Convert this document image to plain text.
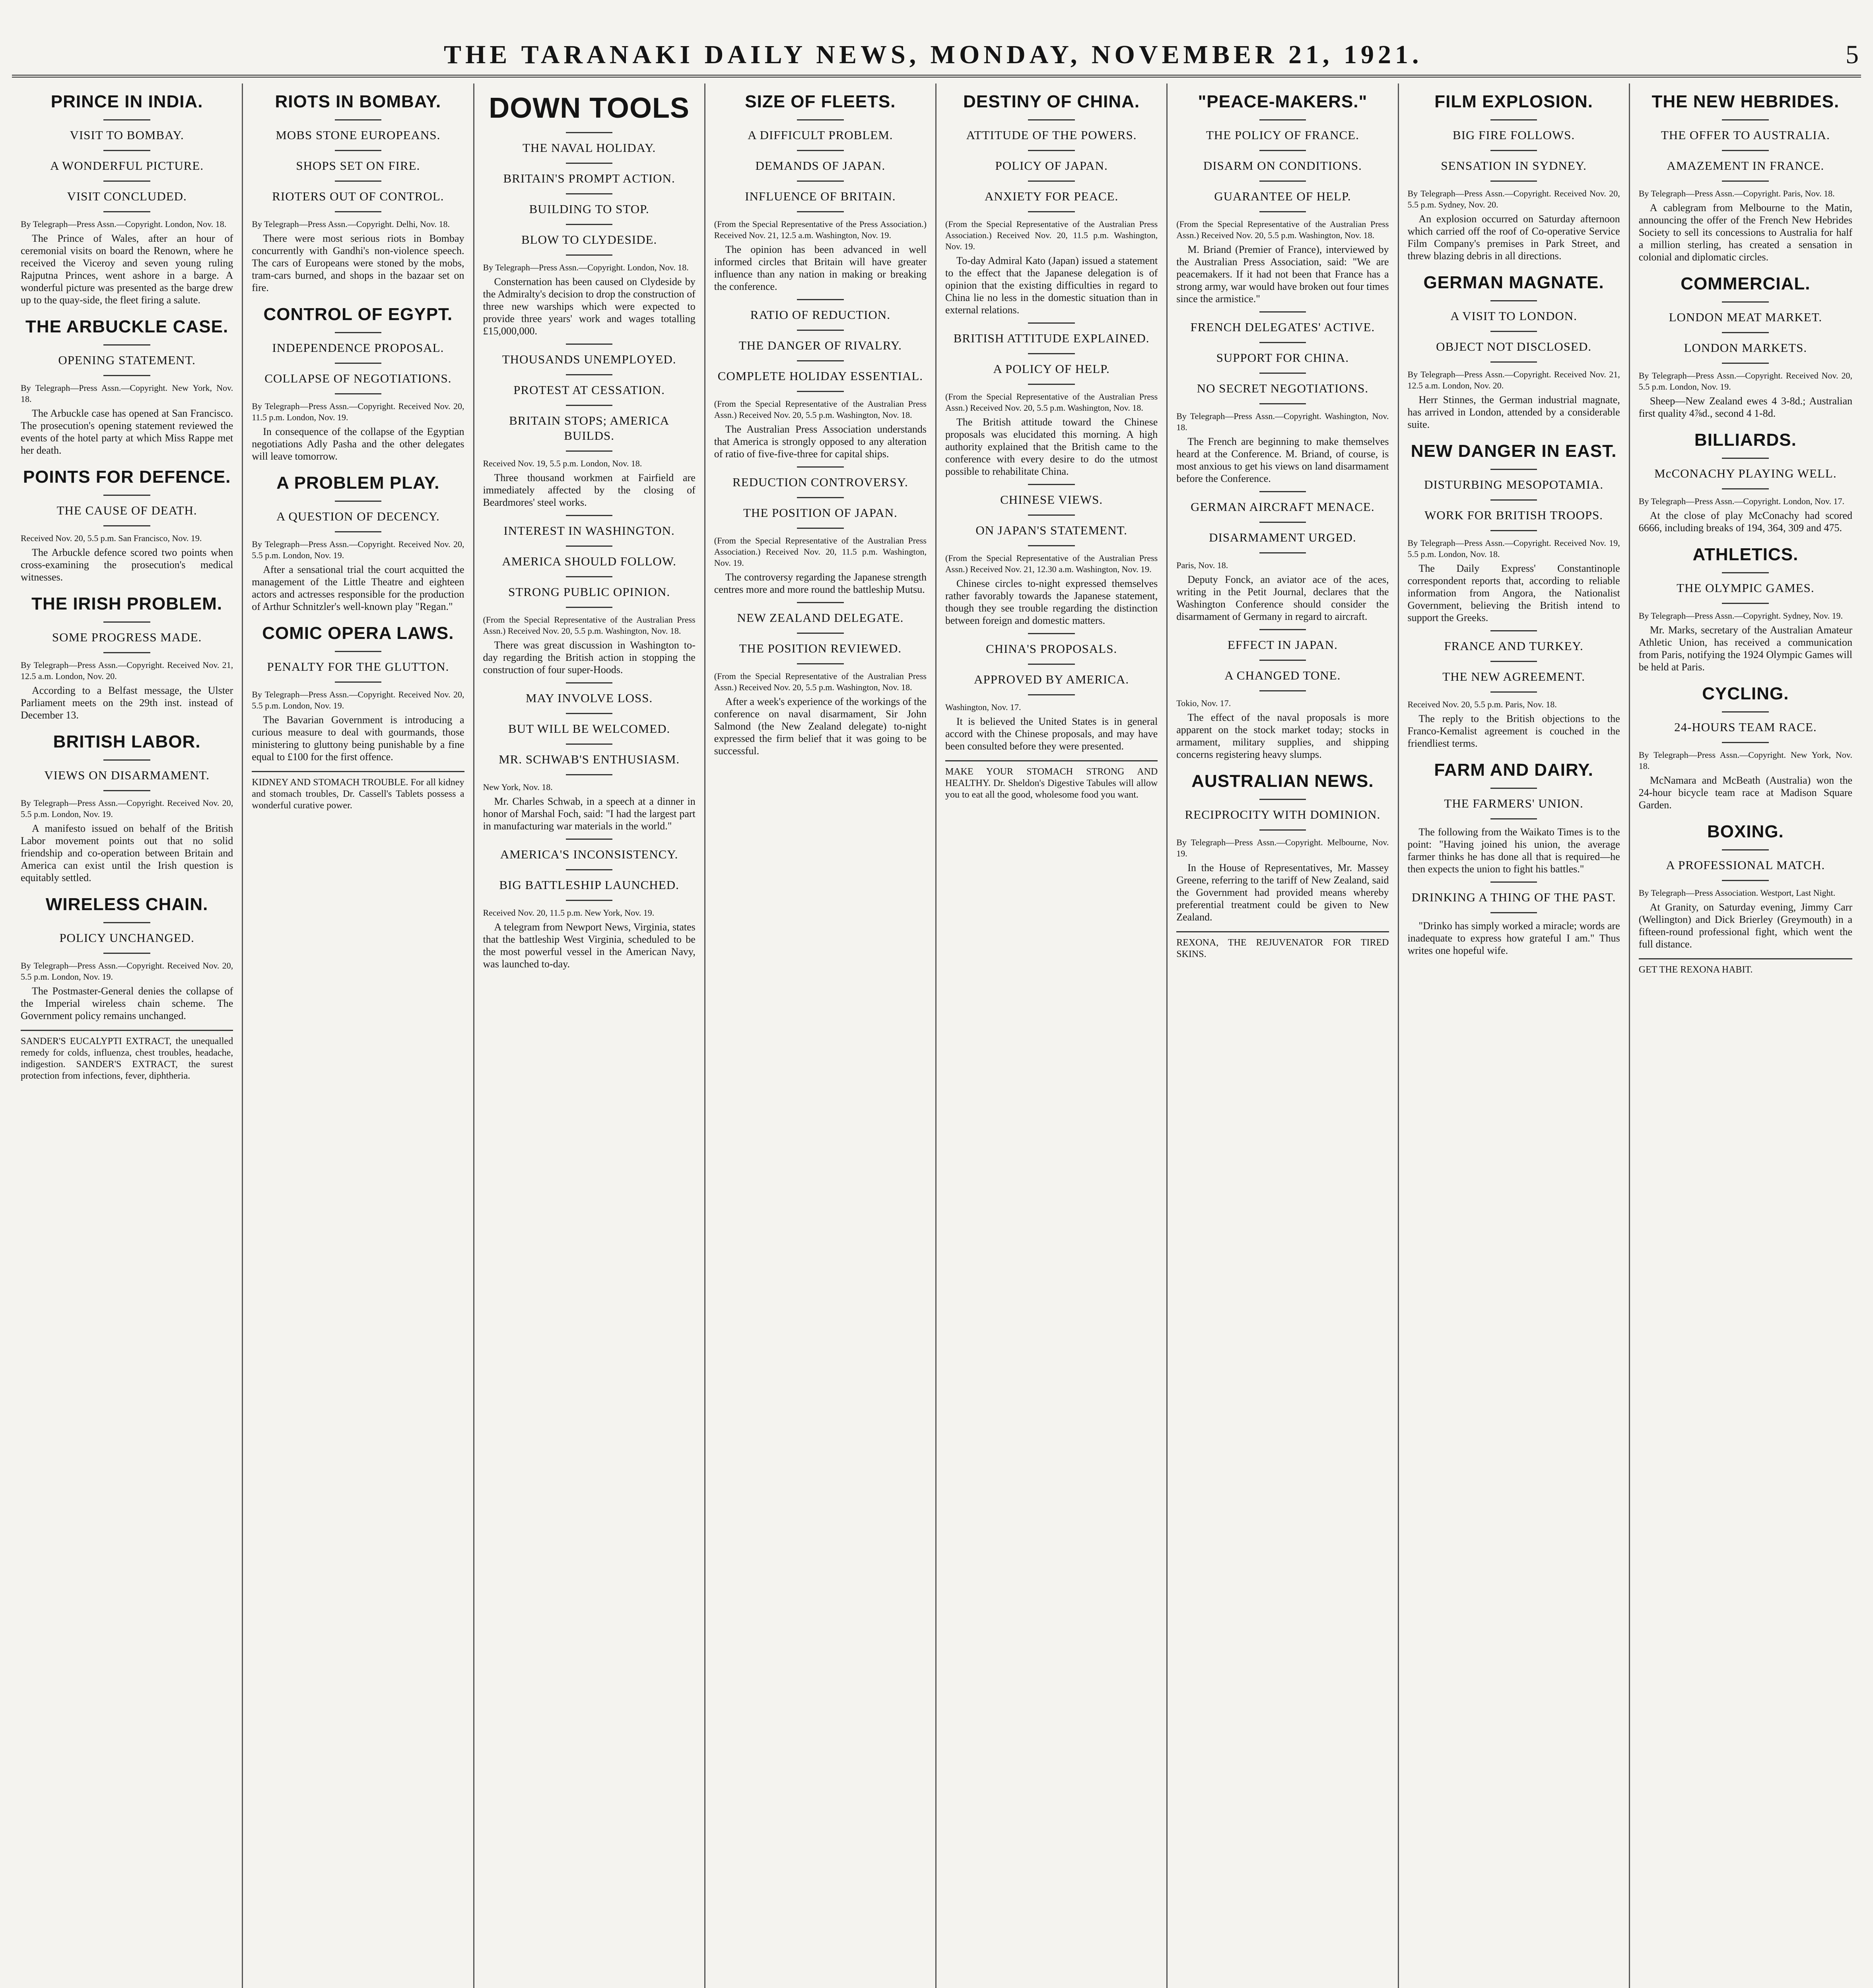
THE TARANAKI DAILY NEWS, MONDAY, NOVEMBER 21, 1921.	5
PRINCE IN INDIA.
VISIT TO BOMBAY.
A WONDERFUL PICTURE.
VISIT CONCLUDED.

By Telegraph—Press Assn.—Copyright. London, Nov. 18.

The Prince of Wales, after an hour of ceremonial visits on board the Renown, where he received the Viceroy and seven young ruling Rajputna Princes, went ashore in a barge. A wonderful picture was presented as the barge drew up to the quay-side, the fleet firing a salute.

THE ARBUCKLE CASE.
OPENING STATEMENT.

By Telegraph—Press Assn.—Copyright. New York, Nov. 18.

The Arbuckle case has opened at San Francisco. The prosecution's opening statement reviewed the events of the hotel party at which Miss Rappe met her death.

POINTS FOR DEFENCE.
THE CAUSE OF DEATH.

Received Nov. 20, 5.5 p.m. San Francisco, Nov. 19.

The Arbuckle defence scored two points when cross-examining the prosecution's medical witnesses.

THE IRISH PROBLEM.
SOME PROGRESS MADE.

By Telegraph—Press Assn.—Copyright. Received Nov. 21, 12.5 a.m. London, Nov. 20.

According to a Belfast message, the Ulster Parliament meets on the 29th inst. instead of December 13.

BRITISH LABOR.
VIEWS ON DISARMAMENT.

By Telegraph—Press Assn.—Copyright. Received Nov. 20, 5.5 p.m. London, Nov. 19.

A manifesto issued on behalf of the British Labor movement points out that no solid friendship and co-operation between Britain and America can exist until the Irish question is equitably settled.

WIRELESS CHAIN.
POLICY UNCHANGED.

By Telegraph—Press Assn.—Copyright. Received Nov. 20, 5.5 p.m. London, Nov. 19.

The Postmaster-General denies the collapse of the Imperial wireless chain scheme. The Government policy remains unchanged.

SANDER'S EUCALYPTI EXTRACT, the unequalled remedy for colds, influenza, chest troubles, headache, indigestion. SANDER'S EXTRACT, the surest protection from infections, fever, diphtheria.
RIOTS IN BOMBAY.
MOBS STONE EUROPEANS.
SHOPS SET ON FIRE.
RIOTERS OUT OF CONTROL.

By Telegraph—Press Assn.—Copyright. Delhi, Nov. 18.

There were most serious riots in Bombay concurrently with Gandhi's non-violence speech. The cars of Europeans were stoned by the mobs, tram-cars burned, and shops in the bazaar set on fire.

CONTROL OF EGYPT.
INDEPENDENCE PROPOSAL.
COLLAPSE OF NEGOTIATIONS.

By Telegraph—Press Assn.—Copyright. Received Nov. 20, 11.5 p.m. London, Nov. 19.

In consequence of the collapse of the Egyptian negotiations Adly Pasha and the other delegates will leave tomorrow.

A PROBLEM PLAY.
A QUESTION OF DECENCY.

By Telegraph—Press Assn.—Copyright. Received Nov. 20, 5.5 p.m. London, Nov. 19.

After a sensational trial the court acquitted the management of the Little Theatre and eighteen actors and actresses responsible for the production of Arthur Schnitzler's well-known play "Regan."

COMIC OPERA LAWS.
PENALTY FOR THE GLUTTON.

By Telegraph—Press Assn.—Copyright. Received Nov. 20, 5.5 p.m. London, Nov. 19.

The Bavarian Government is introducing a curious measure to deal with gourmands, those ministering to gluttony being punishable by a fine equal to £100 for the first offence.

KIDNEY AND STOMACH TROUBLE. For all kidney and stomach troubles, Dr. Cassell's Tablets possess a wonderful curative power.
DOWN TOOLS
THE NAVAL HOLIDAY.
BRITAIN'S PROMPT ACTION.
BUILDING TO STOP.
BLOW TO CLYDESIDE.

By Telegraph—Press Assn.—Copyright. London, Nov. 18.

Consternation has been caused on Clydeside by the Admiralty's decision to drop the construction of three new warships which were expected to provide three years' work and wages totalling £15,000,000.

THOUSANDS UNEMPLOYED.
PROTEST AT CESSATION.
BRITAIN STOPS; AMERICA BUILDS.

Received Nov. 19, 5.5 p.m. London, Nov. 18.

Three thousand workmen at Fairfield are immediately affected by the closing of Beardmores' steel works.

INTEREST IN WASHINGTON.
AMERICA SHOULD FOLLOW.
STRONG PUBLIC OPINION.

(From the Special Representative of the Australian Press Assn.) Received Nov. 20, 5.5 p.m. Washington, Nov. 18.

There was great discussion in Washington to-day regarding the British action in stopping the construction of four super-Hoods.

MAY INVOLVE LOSS.
BUT WILL BE WELCOMED.
MR. SCHWAB'S ENTHUSIASM.

New York, Nov. 18.

Mr. Charles Schwab, in a speech at a dinner in honor of Marshal Foch, said: "I had the largest part in manufacturing war materials in the world."

AMERICA'S INCONSISTENCY.
BIG BATTLESHIP LAUNCHED.

Received Nov. 20, 11.5 p.m. New York, Nov. 19.

A telegram from Newport News, Virginia, states that the battleship West Virginia, scheduled to be the most powerful vessel in the American Navy, was launched to-day.

SIZE OF FLEETS.
A DIFFICULT PROBLEM.
DEMANDS OF JAPAN.
INFLUENCE OF BRITAIN.

(From the Special Representative of the Press Association.) Received Nov. 21, 12.5 a.m. Washington, Nov. 19.

The opinion has been advanced in well informed circles that Britain will have greater influence than any nation in making or breaking the conference.

RATIO OF REDUCTION.
THE DANGER OF RIVALRY.
COMPLETE HOLIDAY ESSENTIAL.

(From the Special Representative of the Australian Press Assn.) Received Nov. 20, 5.5 p.m. Washington, Nov. 18.

The Australian Press Association understands that America is strongly opposed to any alteration of ratio of five-five-three for capital ships.

REDUCTION CONTROVERSY.
THE POSITION OF JAPAN.

(From the Special Representative of the Australian Press Association.) Received Nov. 20, 11.5 p.m. Washington, Nov. 19.

The controversy regarding the Japanese strength centres more and more round the battleship Mutsu.

NEW ZEALAND DELEGATE.
THE POSITION REVIEWED.

(From the Special Representative of the Australian Press Assn.) Received Nov. 20, 5.5 p.m. Washington, Nov. 18.

After a week's experience of the workings of the conference on naval disarmament, Sir John Salmond (the New Zealand delegate) to-night expressed the firm belief that it was going to be successful.

DESTINY OF CHINA.
ATTITUDE OF THE POWERS.
POLICY OF JAPAN.
ANXIETY FOR PEACE.

(From the Special Representative of the Australian Press Association.) Received Nov. 20, 11.5 p.m. Washington, Nov. 19.

To-day Admiral Kato (Japan) issued a statement to the effect that the Japanese delegation is of opinion that the existing difficulties in regard to China lie no less in the domestic situation than in external relations.

BRITISH ATTITUDE EXPLAINED.
A POLICY OF HELP.

(From the Special Representative of the Australian Press Assn.) Received Nov. 20, 5.5 p.m. Washington, Nov. 18.

The British attitude toward the Chinese proposals was elucidated this morning. A high authority explained that the British came to the conference with every desire to do the utmost possible to rehabilitate China.

CHINESE VIEWS.
ON JAPAN'S STATEMENT.

(From the Special Representative of the Australian Press Assn.) Received Nov. 21, 12.30 a.m. Washington, Nov. 19.

Chinese circles to-night expressed themselves rather favorably towards the Japanese statement, though they see trouble regarding the distinction between foreign and domestic matters.

CHINA'S PROPOSALS.
APPROVED BY AMERICA.

Washington, Nov. 17.

It is believed the United States is in general accord with the Chinese proposals, and may have been consulted before they were presented.

MAKE YOUR STOMACH STRONG AND HEALTHY. Dr. Sheldon's Digestive Tabules will allow you to eat all the good, wholesome food you want.
"PEACE-MAKERS."
THE POLICY OF FRANCE.
DISARM ON CONDITIONS.
GUARANTEE OF HELP.

(From the Special Representative of the Australian Press Assn.) Received Nov. 20, 5.5 p.m. Washington, Nov. 18.

M. Briand (Premier of France), interviewed by the Australian Press Association, said: "We are peacemakers. If it had not been that France has a strong army, war would have broken out four times since the armistice."

FRENCH DELEGATES' ACTIVE.
SUPPORT FOR CHINA.
NO SECRET NEGOTIATIONS.

By Telegraph—Press Assn.—Copyright. Washington, Nov. 18.

The French are beginning to make themselves heard at the Conference. M. Briand, of course, is most anxious to get his views on land disarmament before the Conference.

GERMAN AIRCRAFT MENACE.
DISARMAMENT URGED.

Paris, Nov. 18.

Deputy Fonck, an aviator ace of the aces, writing in the Petit Journal, declares that the Washington Conference should consider the disarmament of Germany in regard to aircraft.

EFFECT IN JAPAN.
A CHANGED TONE.

Tokio, Nov. 17.

The effect of the naval proposals is more apparent on the stock market today; stocks in armament, military supplies, and shipping concerns registering heavy slumps.

AUSTRALIAN NEWS.
RECIPROCITY WITH DOMINION.

By Telegraph—Press Assn.—Copyright. Melbourne, Nov. 19.

In the House of Representatives, Mr. Massey Greene, referring to the tariff of New Zealand, said the Government had provided means whereby preferential treatment could be given to New Zealand.

REXONA, THE REJUVENATOR FOR TIRED SKINS.
FILM EXPLOSION.
BIG FIRE FOLLOWS.
SENSATION IN SYDNEY.

By Telegraph—Press Assn.—Copyright. Received Nov. 20, 5.5 p.m. Sydney, Nov. 20.

An explosion occurred on Saturday afternoon which carried off the roof of Co-operative Service Film Company's premises in Park Street, and threw blazing debris in all directions.

GERMAN MAGNATE.
A VISIT TO LONDON.
OBJECT NOT DISCLOSED.

By Telegraph—Press Assn.—Copyright. Received Nov. 21, 12.5 a.m. London, Nov. 20.

Herr Stinnes, the German industrial magnate, has arrived in London, attended by a considerable suite.

NEW DANGER IN EAST.
DISTURBING MESOPOTAMIA.
WORK FOR BRITISH TROOPS.

By Telegraph—Press Assn.—Copyright. Received Nov. 19, 5.5 p.m. London, Nov. 18.

The Daily Express' Constantinople correspondent reports that, according to reliable information from Angora, the Nationalist Government, believing the British intend to support the Greeks.

FRANCE AND TURKEY.
THE NEW AGREEMENT.

Received Nov. 20, 5.5 p.m. Paris, Nov. 18.

The reply to the British objections to the Franco-Kemalist agreement is couched in the friendliest terms.

FARM AND DAIRY.
THE FARMERS' UNION.

The following from the Waikato Times is to the point: "Having joined his union, the average farmer thinks he has done all that is required—he then expects the union to fight his battles."

DRINKING A THING OF THE PAST.

"Drinko has simply worked a miracle; words are inadequate to express how grateful I am." Thus writes one hopeful wife.

THE NEW HEBRIDES.
THE OFFER TO AUSTRALIA.
AMAZEMENT IN FRANCE.

By Telegraph—Press Assn.—Copyright. Paris, Nov. 18.

A cablegram from Melbourne to the Matin, announcing the offer of the French New Hebrides Society to sell its concessions to Australia for half a million sterling, has created a sensation in colonial and diplomatic circles.

COMMERCIAL.
LONDON MEAT MARKET.
LONDON MARKETS.

By Telegraph—Press Assn.—Copyright. Received Nov. 20, 5.5 p.m. London, Nov. 19.

Sheep—New Zealand ewes 4 3-8d.; Australian first quality 4⅞d., second 4 1-8d.

BILLIARDS.
McCONACHY PLAYING WELL.

By Telegraph—Press Assn.—Copyright. London, Nov. 17.

At the close of play McConachy had scored 6666, including breaks of 194, 364, 309 and 475.

ATHLETICS.
THE OLYMPIC GAMES.

By Telegraph—Press Assn.—Copyright. Sydney, Nov. 19.

Mr. Marks, secretary of the Australian Amateur Athletic Union, has received a communication from Paris, notifying the 1924 Olympic Games will be held at Paris.

CYCLING.
24-HOURS TEAM RACE.

By Telegraph—Press Assn.—Copyright. New York, Nov. 18.

McNamara and McBeath (Australia) won the 24-hour bicycle team race at Madison Square Garden.

BOXING.
A PROFESSIONAL MATCH.

By Telegraph—Press Association. Westport, Last Night.

At Granity, on Saturday evening, Jimmy Carr (Wellington) and Dick Brierley (Greymouth) in a fifteen-round professional fight, which went the full distance.

GET THE REXONA HABIT.
